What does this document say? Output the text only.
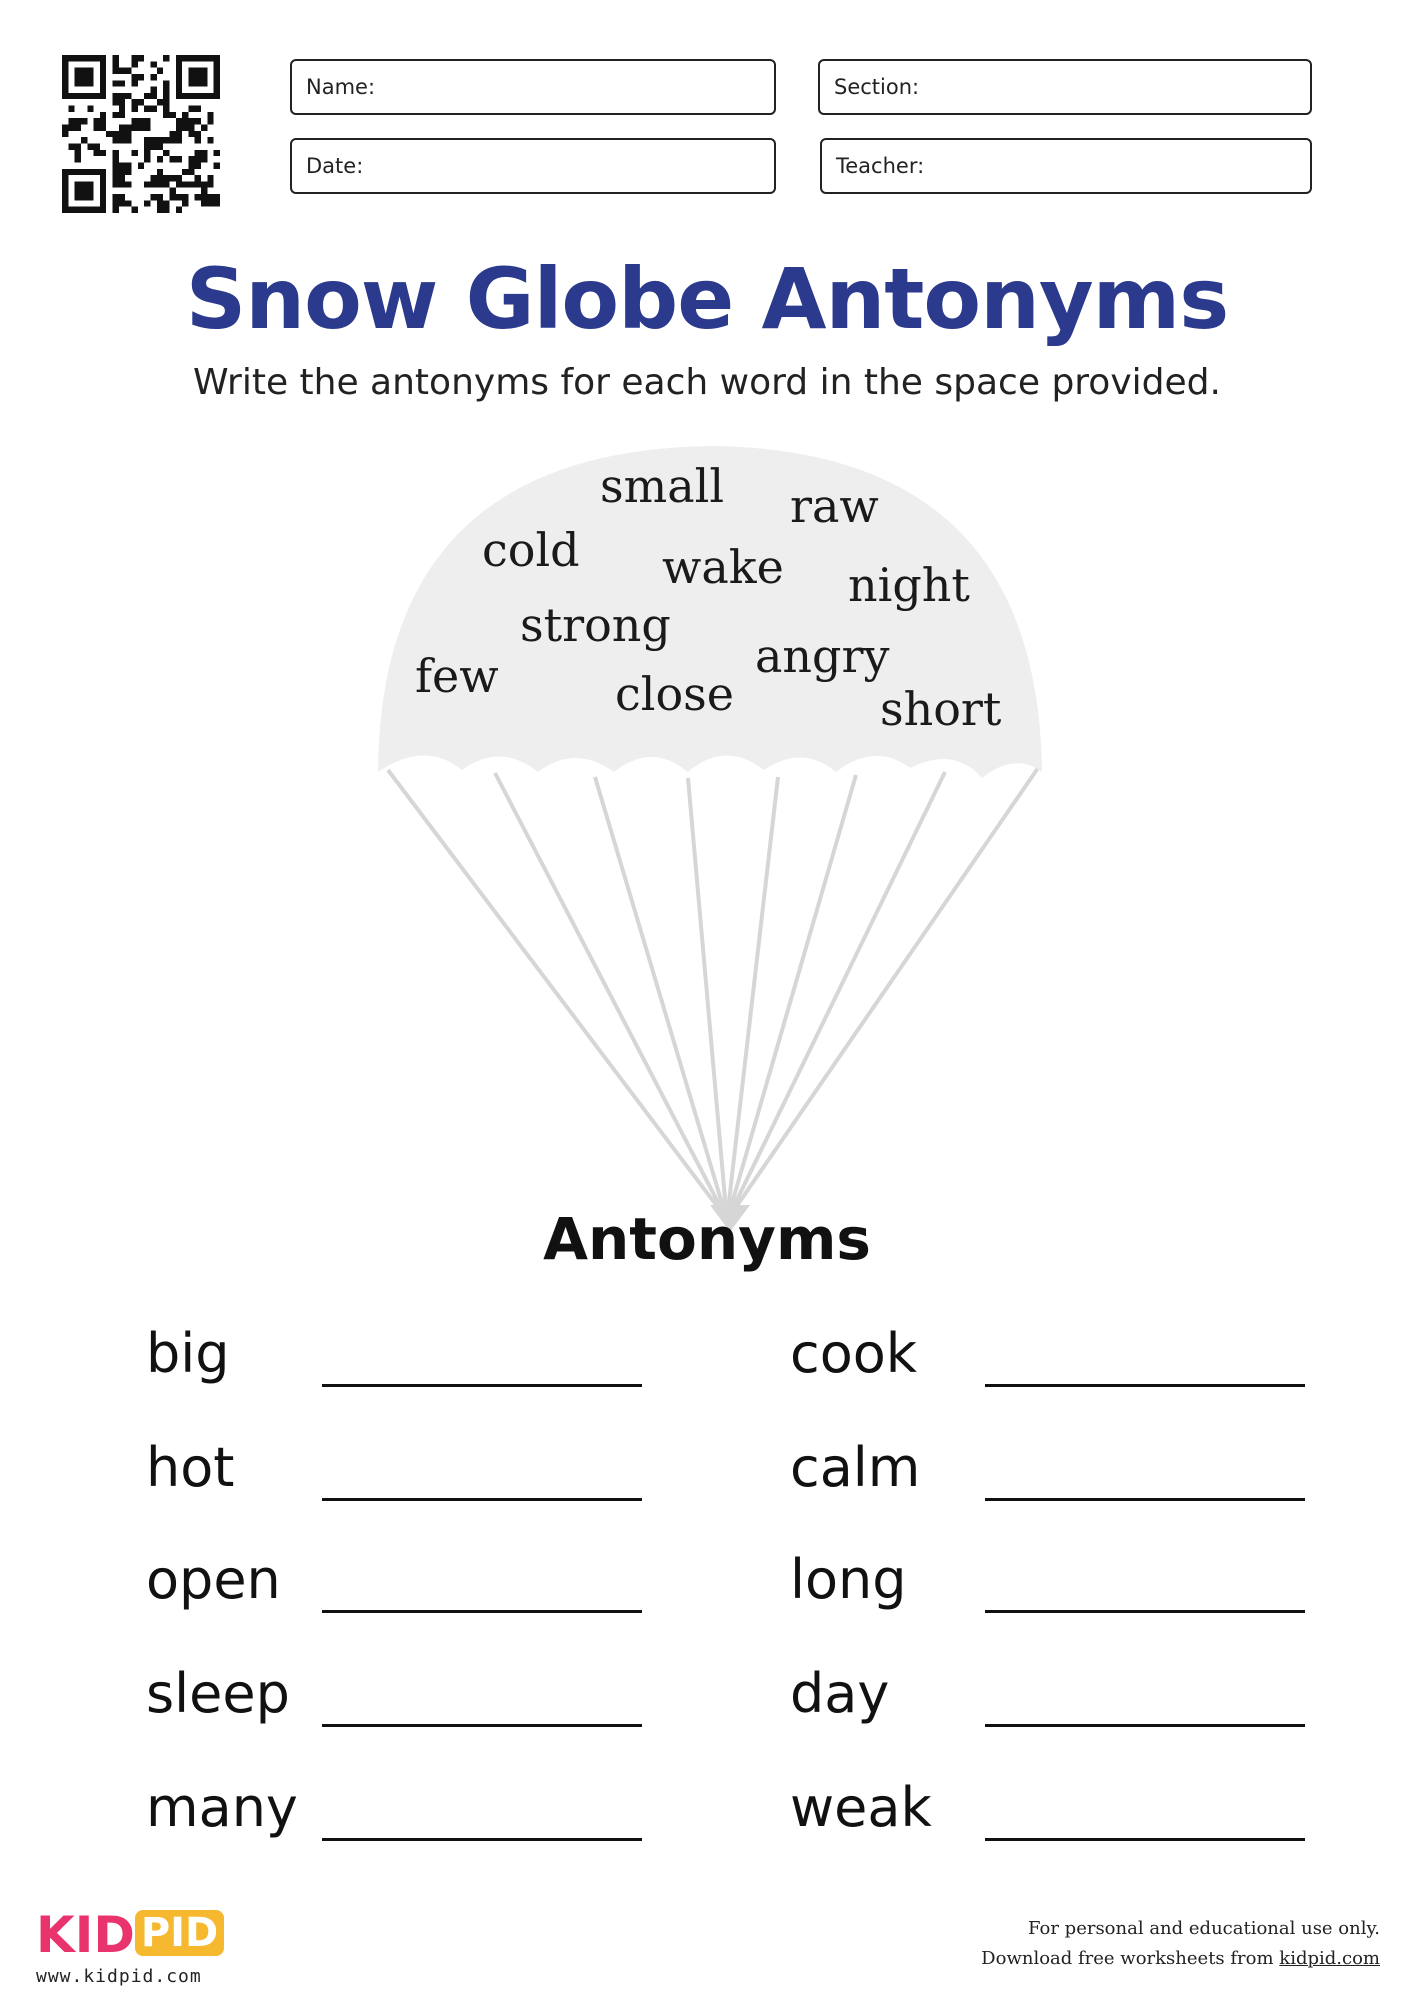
Name:	Section:
Date:	Teacher:
Snow Globe Antonyms
Write the antonyms for each word in the space provided.
small raw
cold wake night
strong
angry
few	close	short
Antonyms
big
hot
open
sleep
many
cook
calm
long
day
weak
KID PID
www.kidpid.com
For personal and educational use only.
Download free worksheets from kidpid.com
